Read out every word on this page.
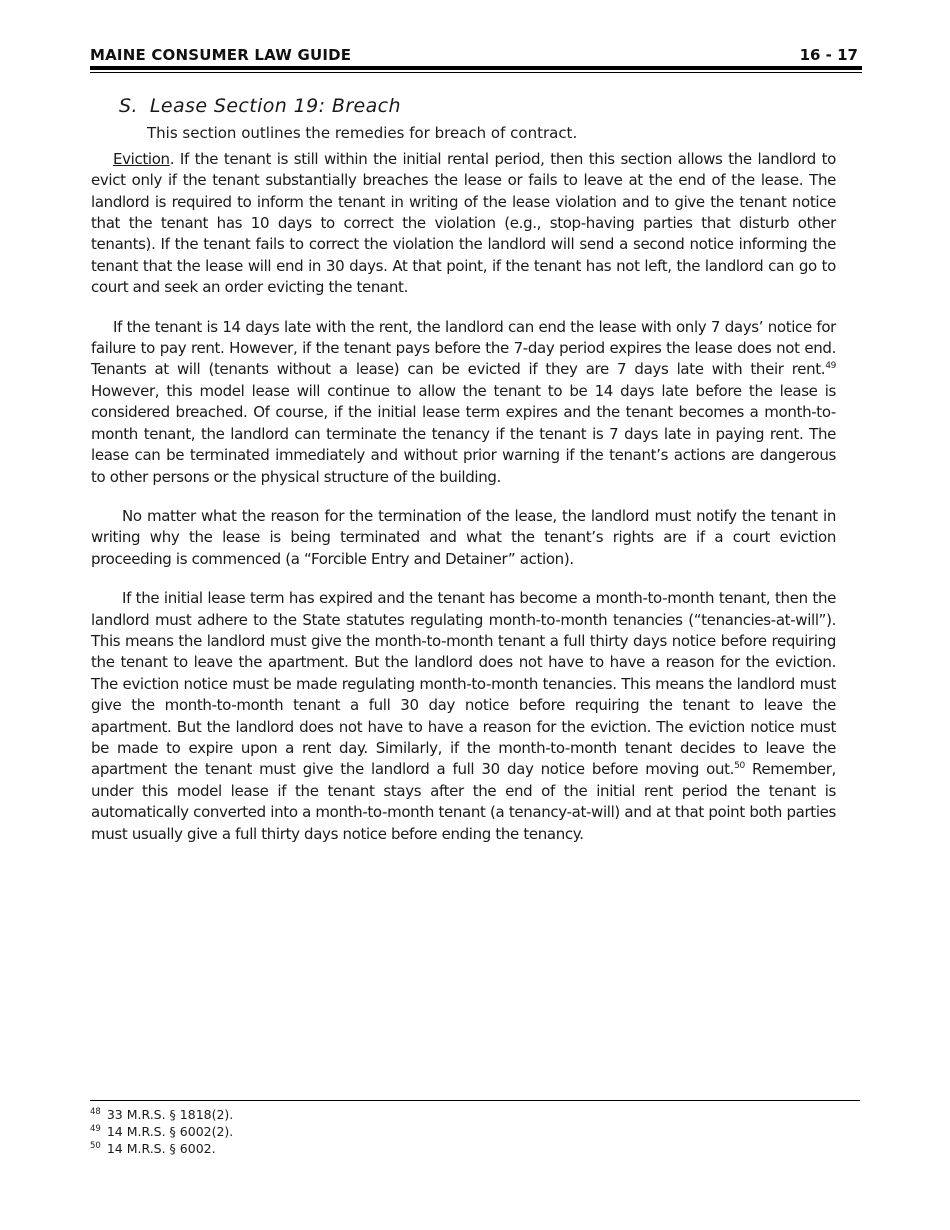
MAINE CONSUMER LAW GUIDE	16 - 17
S. Lease Section 19: Breach
This section outlines the remedies for breach of contract.

Eviction. If the tenant is still within the initial rental period, then this section allows the landlord to evict only if the tenant substantially breaches the lease or fails to leave at the end of the lease. The landlord is required to inform the tenant in writing of the lease violation and to give the tenant notice that the tenant has 10 days to correct the violation (e.g., stop-having parties that disturb other tenants). If the tenant fails to correct the violation the landlord will send a second notice informing the tenant that the lease will end in 30 days. At that point, if the tenant has not left, the landlord can go to court and seek an order evicting the tenant.

If the tenant is 14 days late with the rent, the landlord can end the lease with only 7 days’ notice for failure to pay rent. However, if the tenant pays before the 7-day period expires the lease does not end. Tenants at will (tenants without a lease) can be evicted if they are 7 days late with their rent.$^{49}$ However, this model lease will continue to allow the tenant to be 14 days late before the lease is considered breached. Of course, if the initial lease term expires and the tenant becomes a month-to-month tenant, the landlord can terminate the tenancy if the tenant is 7 days late in paying rent. The lease can be terminated immediately and without prior warning if the tenant’s actions are dangerous to other persons or the physical structure of the building.

No matter what the reason for the termination of the lease, the landlord must notify the tenant in writing why the lease is being terminated and what the tenant’s rights are if a court eviction proceeding is commenced (a “Forcible Entry and Detainer” action).

If the initial lease term has expired and the tenant has become a month-to-month tenant, then the landlord must adhere to the State statutes regulating month-to-month tenancies (“tenancies-at-will”). This means the landlord must give the month-to-month tenant a full thirty days notice before requiring the tenant to leave the apartment. But the landlord does not have to have a reason for the eviction. The eviction notice must be made regulating month-to-month tenancies. This means the landlord must give the month-to-month tenant a full 30 day notice before requiring the tenant to leave the apartment. But the landlord does not have to have a reason for the eviction. The eviction notice must be made to expire upon a rent day. Similarly, if the month-to-month tenant decides to leave the apartment the tenant must give the landlord a full 30 day notice before moving out.$^{50}$ Remember, under this model lease if the tenant stays after the end of the initial rent period the tenant is automatically converted into a month-to-month tenant (a tenancy-at-will) and at that point both parties must usually give a full thirty days notice before ending the tenancy.

$^{48}$ 33 M.R.S. § 1818(2).
$^{49}$ 14 M.R.S. § 6002(2).
$^{50}$ 14 M.R.S. § 6002.
